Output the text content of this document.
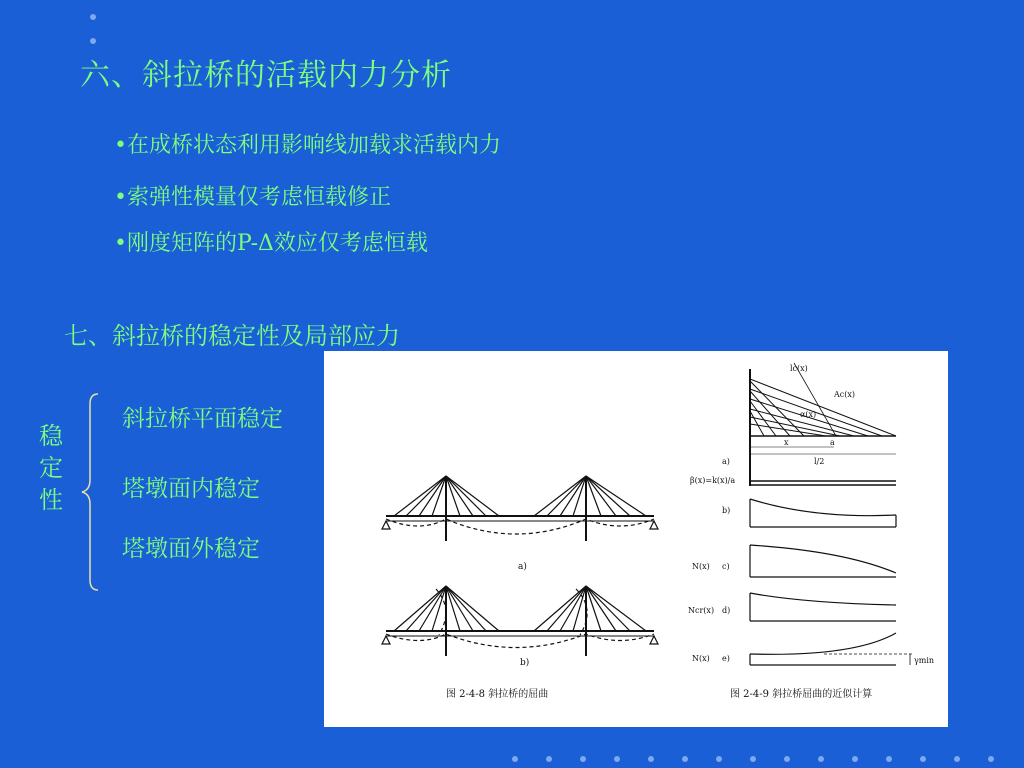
六、斜拉桥的活载内力分析
•在成桥状态利用影响线加载求活载内力
•索弹性模量仅考虑恒载修正
•刚度矩阵的P-Δ效应仅考虑恒载
七、斜拉桥的稳定性及局部应力
稳
定
性
斜拉桥平面稳定
塔墩面内稳定
塔墩面外稳定
a)
b)
图 2-4-8 斜拉桥的屈曲
lc(x)
Ac(x)
α(x)
x	a
l/2
a)
β(x)=k(x)/a
b)
N(x) c)
Ncr(x) d)
N(x) e)	γmin
图 2-4-9 斜拉桥屈曲的近似计算
